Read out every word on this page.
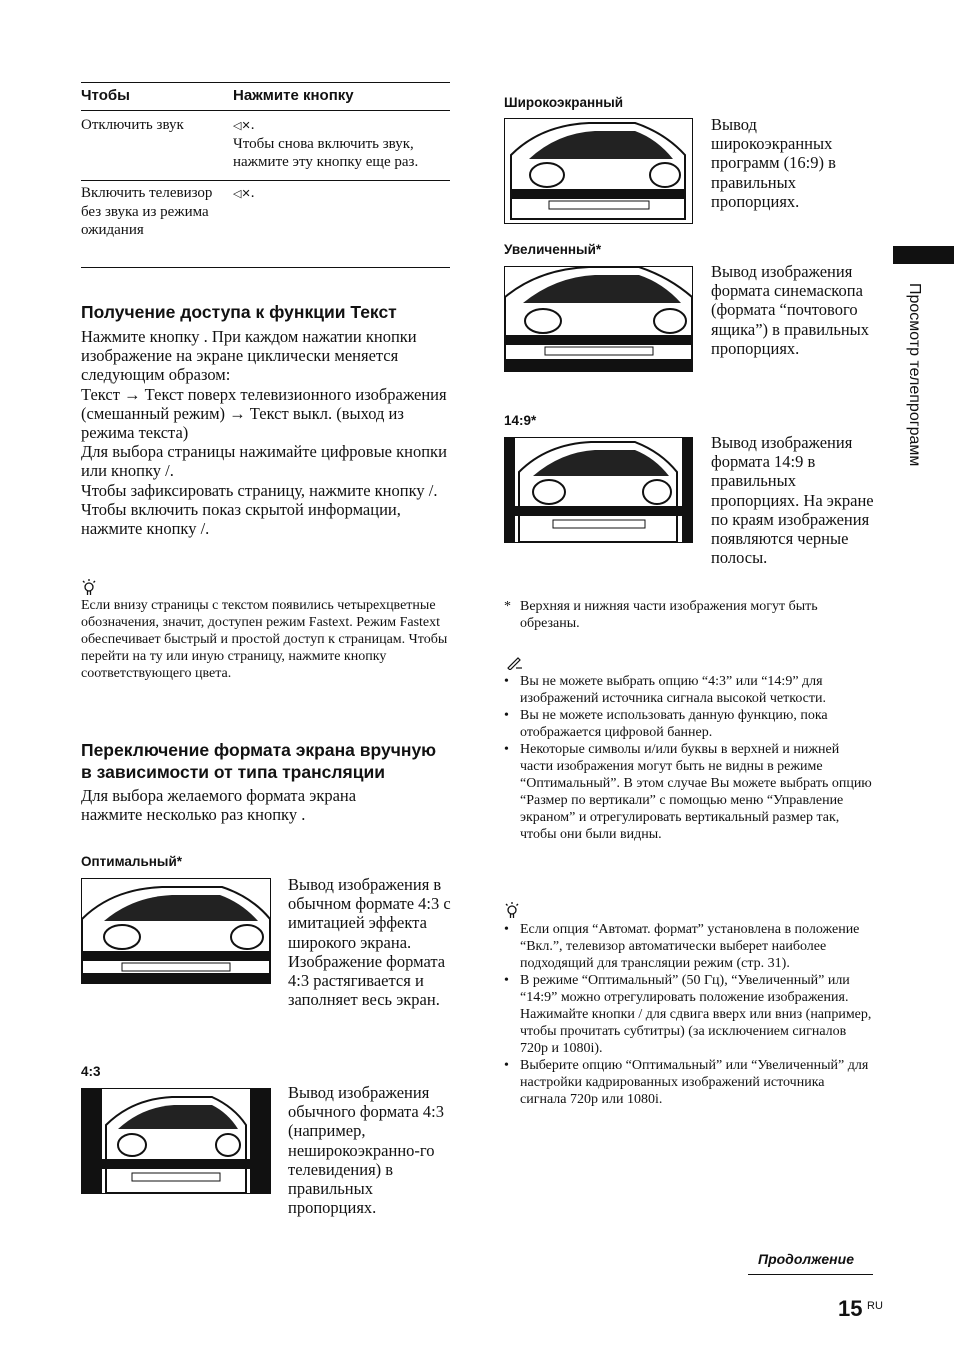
Чтобы	Нажмите кнопку
Отключить звук	◁✕.
Чтобы снова включить звук, нажмите эту кнопку еще раз.
Включить телевизор без звука из режима ожидания
◁✕.
Получение доступа к функции Текст
Нажмите кнопку . При каждом нажатии кнопки изображение на экране циклически меняется следующим образом:
Текст → Текст поверх телевизионного изображения (смешанный режим) → Текст выкл. (выход из режима текста)
Для выбора страницы нажимайте цифровые кнопки или кнопку /.
Чтобы зафиксировать страницу, нажмите кнопку /.
Чтобы включить показ скрытой информации, нажмите кнопку /.
Если внизу страницы с текстом появились четырехцветные обозначения, значит, доступен режим Fastext. Режим Fastext обеспечивает быстрый и простой доступ к страницам. Чтобы перейти на ту или иную страницу, нажмите кнопку соответствующего цвета.
Переключение формата экрана вручную
в зависимости от типа трансляции
Для выбора желаемого формата экрана нажмите несколько раз кнопку .
Оптимальный*
Вывод изображения в обычном формате 4:3 с имитацией эффекта широкого экрана. Изображение формата 4:3 растягивается и заполняет весь экран.
4:3
Вывод изображения обычного формата 4:3 (например, неширокоэкранно-го телевидения) в правильных пропорциях.
Широкоэкранный
Вывод широкоэкранных программ (16:9) в правильных пропорциях.
Увеличенный*
Вывод изображения формата синемаскопа (формата “почтового ящика”) в правильных пропорциях.
14:9*
Вывод изображения формата 14:9 в правильных пропорциях. На экране по краям изображения появляются черные полосы.
* Верхняя и нижняя части изображения могут быть обрезаны.
• Вы не можете выбрать опцию “4:3” или “14:9” для изображений источника сигнала высокой четкости.
• Вы не можете использовать данную функцию, пока отображается цифровой баннер.
• Некоторые символы и/или буквы в верхней и нижней части изображения могут быть не видны в режиме “Оптимальный”. В этом случае Вы можете выбрать опцию “Размер по вертикали” с помощью меню “Управление экраном” и отрегулировать вертикальный размер так, чтобы они были видны.
• Если опция “Автомат. формат” установлена в положение “Вкл.”, телевизор автоматически выберет наиболее подходящий для трансляции режим (стр. 31).
• В режиме “Оптимальный” (50 Гц), “Увеличенный” или “14:9” можно отрегулировать положение изображения. Нажимайте кнопки / для сдвига вверх или вниз (например, чтобы прочитать субтитры) (за исключением сигналов 720p и 1080i).
• Выберите опцию “Оптимальный” или “Увеличенный” для настройки кадрированных изображений источника сигнала 720p или 1080i.
Просмотр телепрограмм
Продолжение
15 RU
